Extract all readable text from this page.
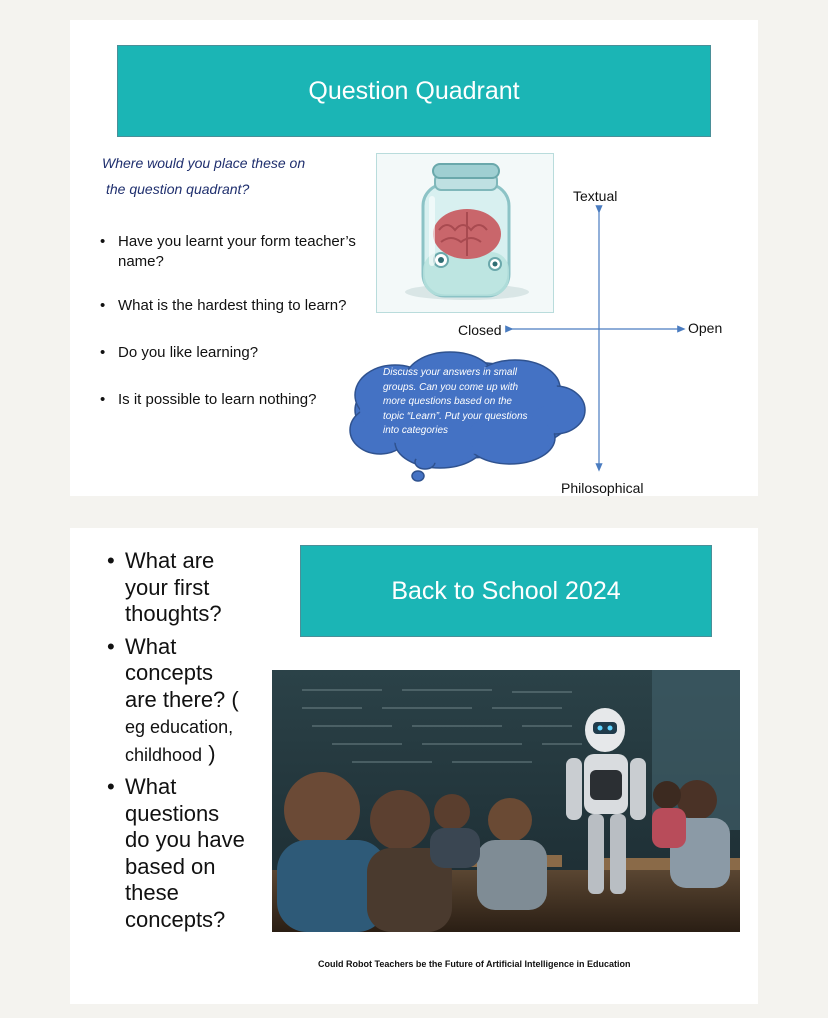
Question Quadrant
Where would you place these on
the question quadrant?
• Have you learnt your form teacher’s name?
• What is the hardest thing to learn?
• Do you like learning?
• Is it possible to learn nothing?
Textual
Philosophical
Closed	Open
Discuss your answers in small groups. Can you come up with more questions based on the topic “Learn”. Put your questions into categories
• What are your first thoughts?
• What concepts are there? ( eg education, childhood )
• What questions do you have based on these concepts?
Back to School 2024
Could Robot Teachers be the Future of Artificial Intelligence in Education
